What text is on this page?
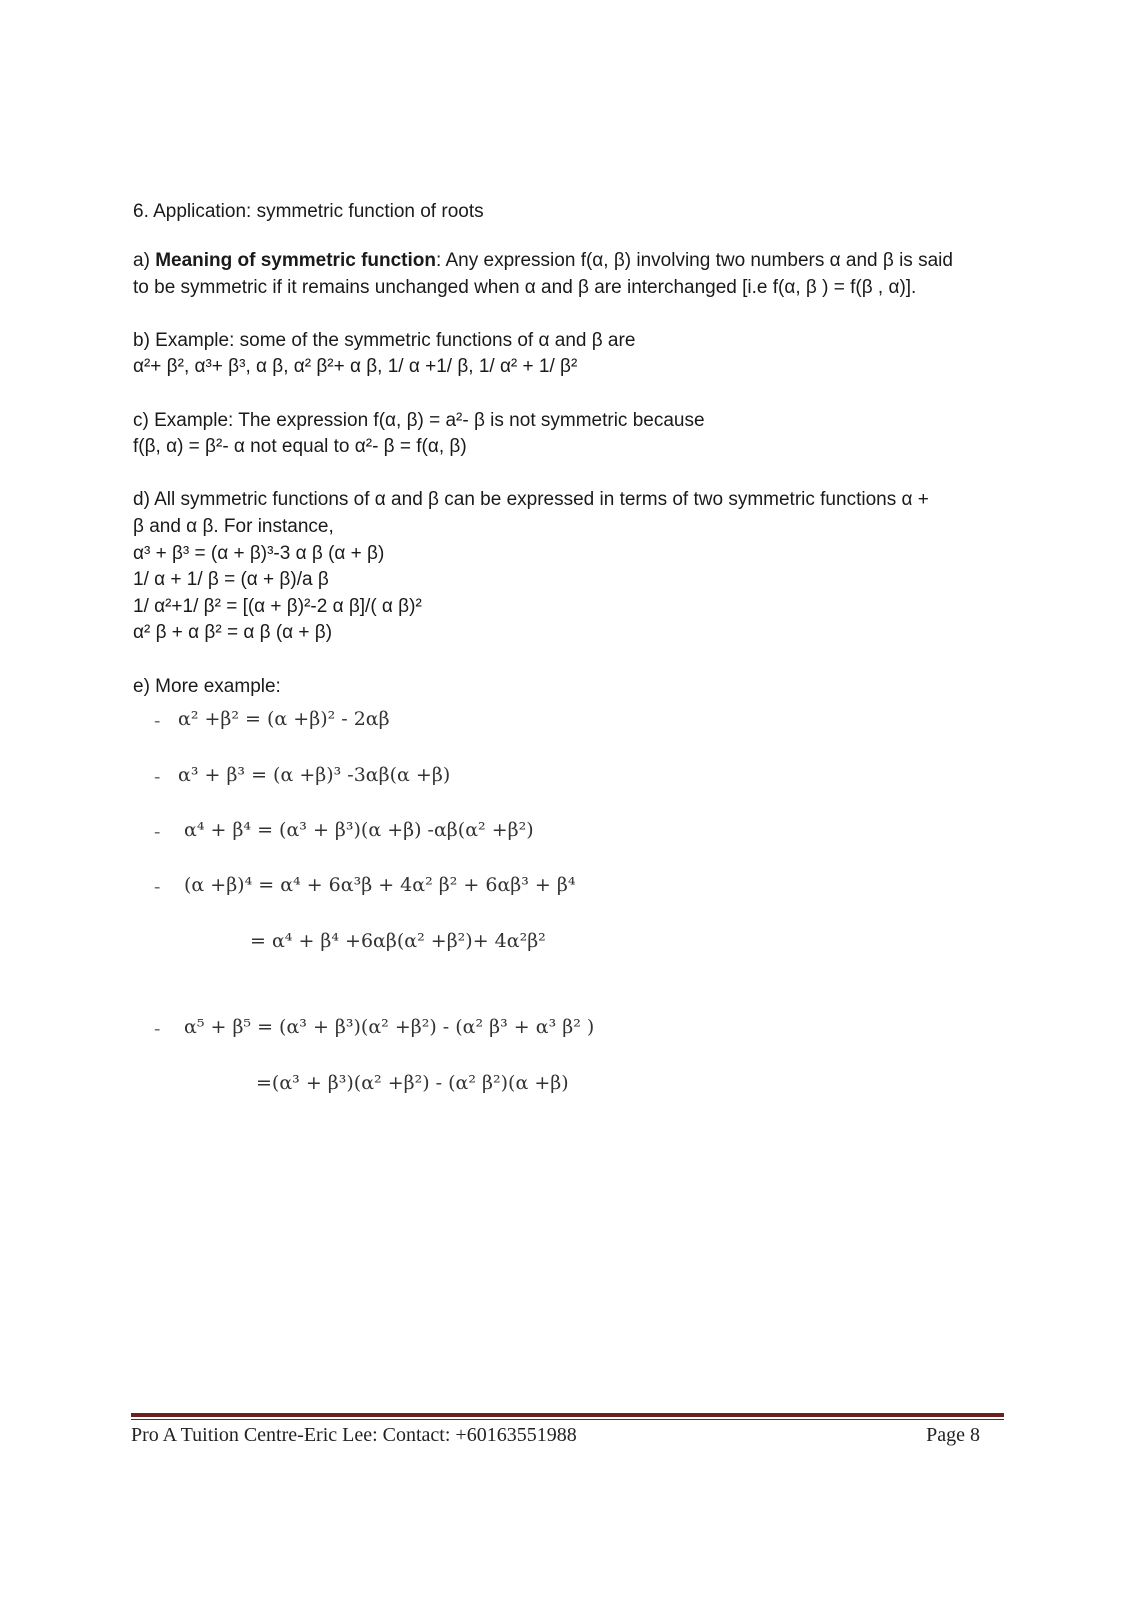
6. Application: symmetric function of roots
a) Meaning of symmetric function: Any expression f(α, β) involving two numbers α and β is said
to be symmetric if it remains unchanged when α and β are interchanged [i.e f(α, β ) = f(β , α)].
b) Example: some of the symmetric functions of α and β are
α²+ β², α³+ β³, α β, α² β²+ α β, 1/ α +1/ β, 1/ α² + 1/ β²
c) Example: The expression f(α, β) = a²- β is not symmetric because
f(β, α) = β²- α not equal to α²- β = f(α, β)
d) All symmetric functions of α and β can be expressed in terms of two symmetric functions α +
β and α β. For instance,
α³ + β³ = (α + β)³-3 α β (α + β)
1/ α + 1/ β = (α + β)/a β
1/ α²+1/ β² = [(α + β)²-2 α β]/( α β)²
α² β + α β² = α β (α + β)
e) More example:
- α² +β² = (α +β)² - 2αβ
- α³ + β³ = (α +β)³ -3αβ(α +β)
- α⁴ + β⁴ = (α³ + β³)(α +β) -αβ(α² +β²)
- (α +β)⁴ = α⁴ + 6α³β + 4α² β² + 6αβ³ + β⁴
= α⁴ + β⁴ +6αβ(α² +β²)+ 4α²β²
- α⁵ + β⁵ = (α³ + β³)(α² +β²) - (α² β³ + α³ β² )
=(α³ + β³)(α² +β²) - (α² β²)(α +β)
Pro A Tuition Centre-Eric Lee: Contact: +60163551988	Page 8
